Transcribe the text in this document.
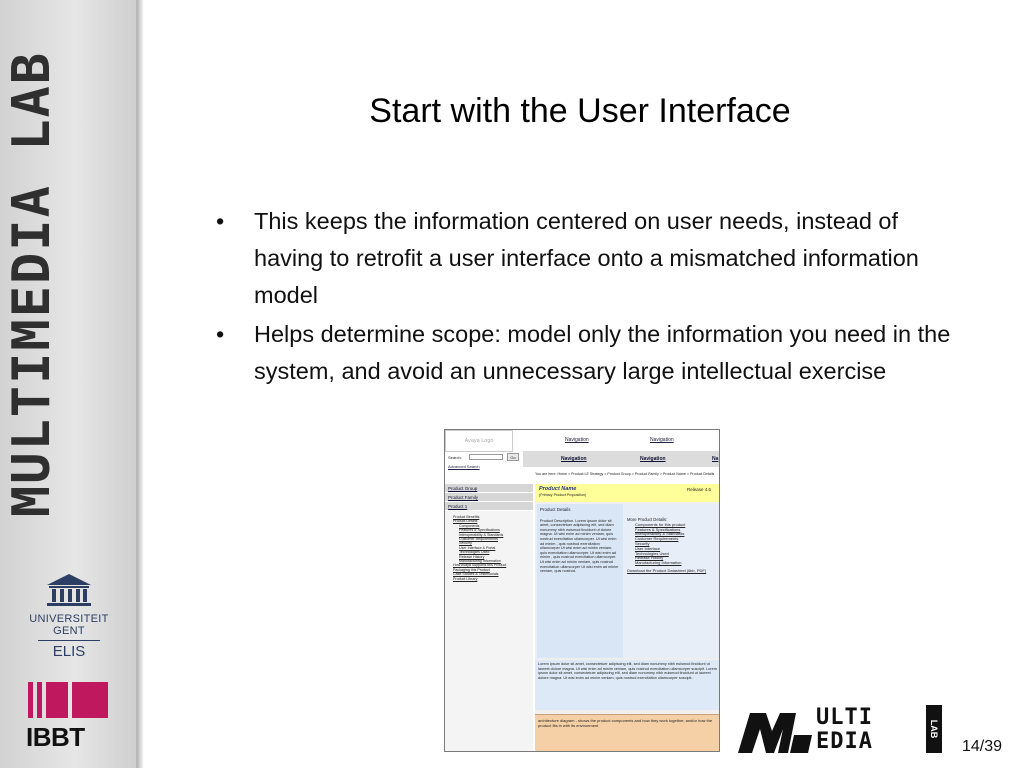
MULTIMEDIA LAB
UNIVERSITEIT
GENT
ELIS
IBBT
Start with the User Interface
• This keeps the information centered on user needs, instead of having to retrofit a user interface onto a mismatched information model
• Helps determine scope: model only the information you need in the system, and avoid an unnecessary large intellectual exercise
Avaya Logo	Navigation	Navigation
Search:	Go
Advanced Search
Navigation	Navigation	Na
You are here: Home > Product LE Strategy > Product Group > Product Family > Product Name > Product Details
Product Group
Product Family
Product 1
Product Benefits
Product Details
Components
Features & Specifications
Interoperability & Standards
Customer Requirements
Security
User Interface & Portal
Technologies Used
Release History
Manufacturing Information
How Avaya Supports this Product
Packaging this Product
Case Studies & Testimonials
Product Library
Product Name
(Primary Product Proposition)
Release 4.6
Product Details
Product Description. Lorem ipsum dolor sit amet, consectetuer adipiscing elit, sed diam nonummy nibh euismod tincidunt ut dolore magna. Ut wisi enim ad minim veniam, quis nostrud exercitation ullamcorper. Ut wisi enim ad minim , quis nostrud exercitation ullamcorper Ut wisi enim ad minim veniam, quis exercitation ullamcorper. Ut wisi enim ad minim , quis nostrud exercitation ullamcorper. Ut wisi enim ad minim veniam, quis nostrud exercitation ullamcorper Ut wisi enim ad minim veniam, quis nostrud.
More Product Details:
Components for this product
Features & Specifications
Interoperability & Standards
Customer Requirements
Security
User Interface
Technologies Used
Release History
Manufacturing Information
Download the Product Datasheet (6kb, PDF)
Lorem ipsum dolor sit amet, consectetuer adipiscing elit, sed diam nonummy nibh euismod tincidunt ut laoreet dolore magna. Ut wisi enim ad minim veniam, quis nostrud exercitation ullamcorper suscipit. Lorem ipsum dolor sit amet, consectetuer adipiscing elit, sed diam nonummy nibh euismod tincidunt ut laoreet dolore magna. Ut wisi enim ad minim veniam, quis nostrud exercitation ullamcorper suscipit.
architecture diagram - shows the product components and how they work together, and/or how the product fits in with its environment	ULTI
EDIA	LAB
14/39
